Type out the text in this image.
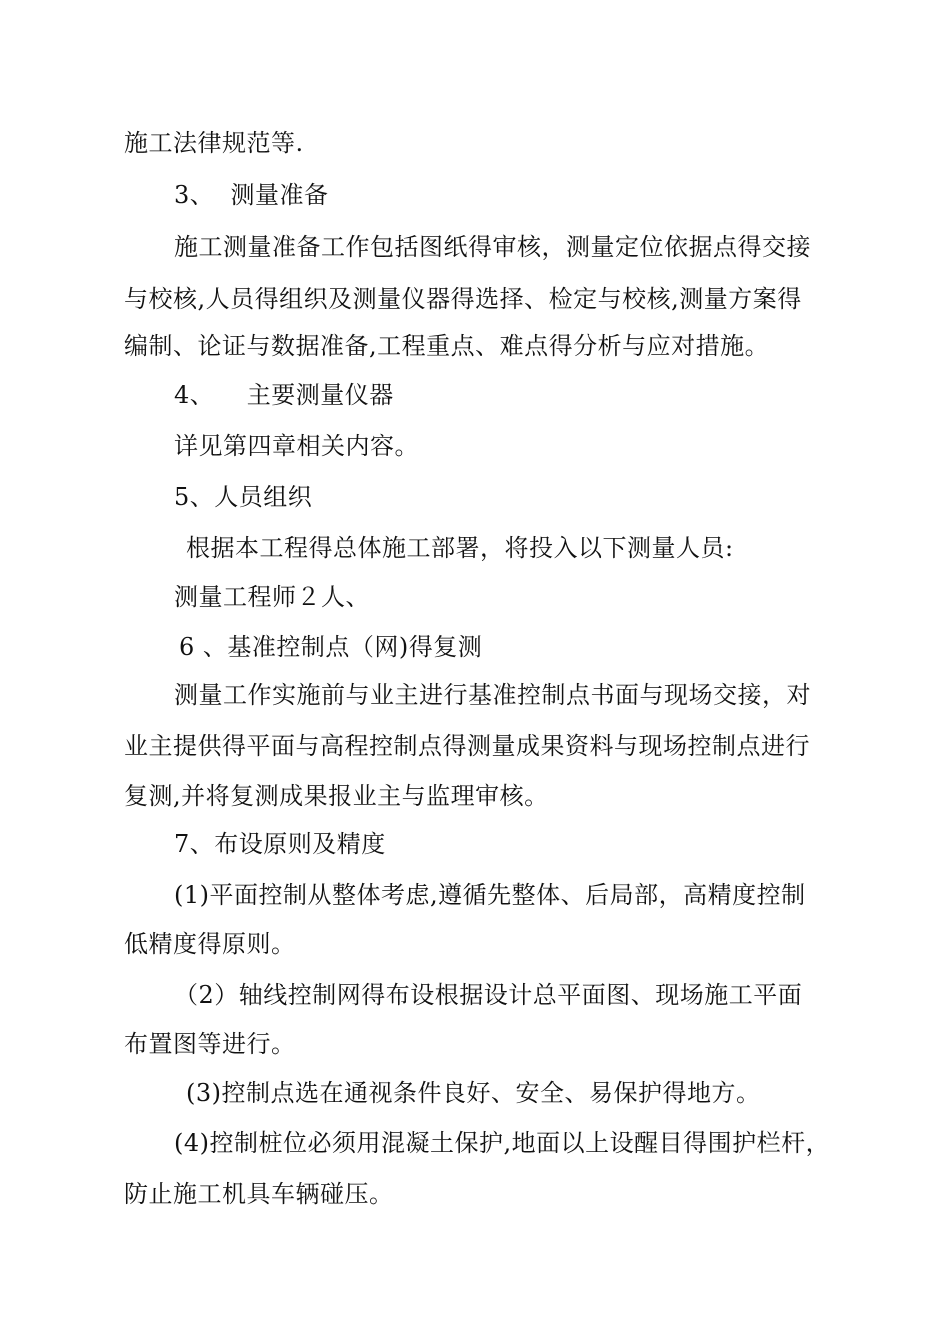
施工法律规范等.
3、  测量准备
施工测量准备工作包括图纸得审核，测量定位依据点得交接
与校核,人员得组织及测量仪器得选择、检定与校核,测量方案得
编制、论证与数据准备,工程重点、难点得分析与应对措施。
4、    主要测量仪器
详见第四章相关内容。
5、人员组织
根据本工程得总体施工部署，将投入以下测量人员:
测量工程师２人、
6 、基准控制点（网)得复测
测量工作实施前与业主进行基准控制点书面与现场交接，对
业主提供得平面与高程控制点得测量成果资料与现场控制点进行
复测,并将复测成果报业主与监理审核。
7、布设原则及精度
(1)平面控制从整体考虑,遵循先整体、后局部，高精度控制
低精度得原则。
（2）轴线控制网得布设根据设计总平面图、现场施工平面
布置图等进行。
(3)控制点选在通视条件良好、安全、易保护得地方。
(4)控制桩位必须用混凝土保护,地面以上设醒目得围护栏杆，
防止施工机具车辆碰压。
